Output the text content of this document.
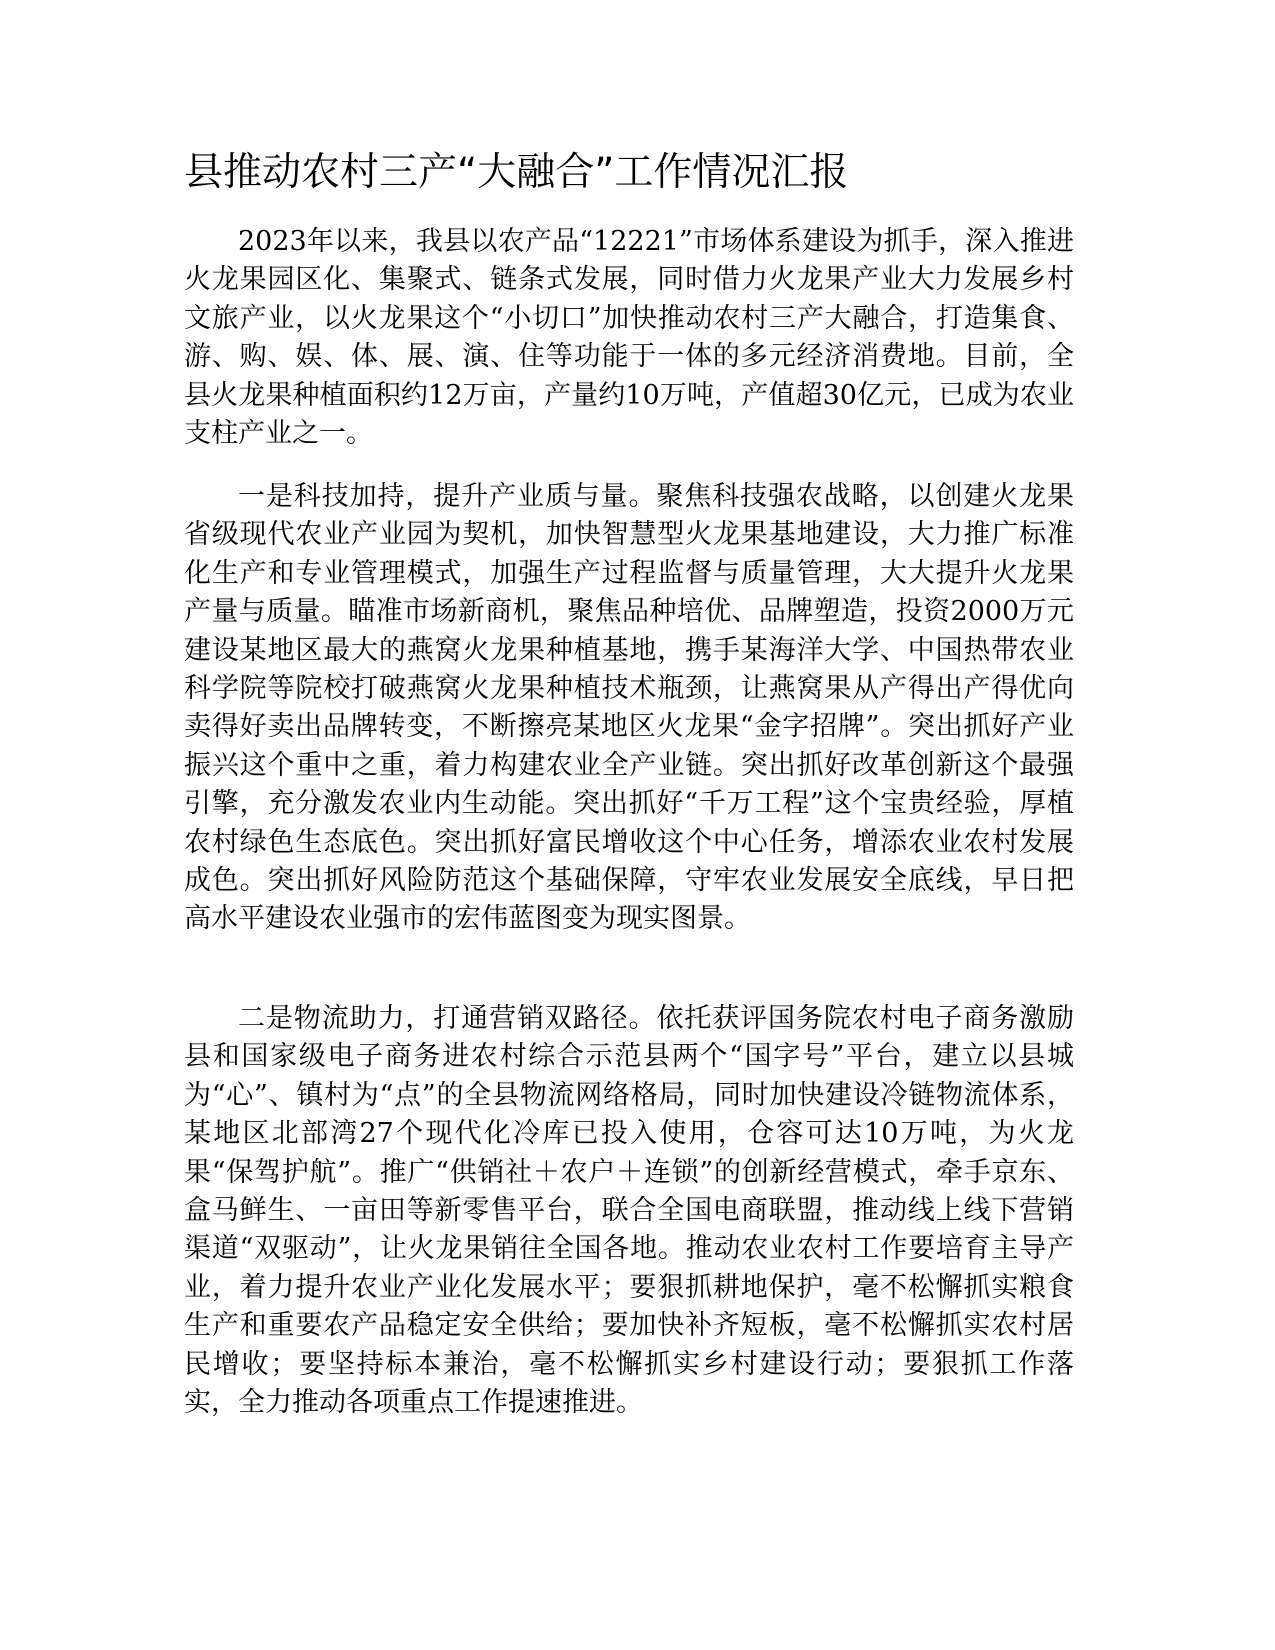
县推动农村三产“大融合”工作情况汇报

2023年以来，我县以农产品“12221”市场体系建设为抓手，深入推进火龙果园区化、集聚式、链条式发展，同时借力火龙果产业大力发展乡村文旅产业，以火龙果这个“小切口”加快推动农村三产大融合，打造集食、游、购、娱、体、展、演、住等功能于一体的多元经济消费地。目前，全县火龙果种植面积约12万亩，产量约10万吨，产值超30亿元，已成为农业支柱产业之一。

一是科技加持，提升产业质与量。聚焦科技强农战略，以创建火龙果省级现代农业产业园为契机，加快智慧型火龙果基地建设，大力推广标准化生产和专业管理模式，加强生产过程监督与质量管理，大大提升火龙果产量与质量。瞄准市场新商机，聚焦品种培优、品牌塑造，投资2000万元建设某地区最大的燕窝火龙果种植基地，携手某海洋大学、中国热带农业科学院等院校打破燕窝火龙果种植技术瓶颈，让燕窝果从产得出产得优向卖得好卖出品牌转变，不断擦亮某地区火龙果“金字招牌”。突出抓好产业振兴这个重中之重，着力构建农业全产业链。突出抓好改革创新这个最强引擎，充分激发农业内生动能。突出抓好“千万工程”这个宝贵经验，厚植农村绿色生态底色。突出抓好富民增收这个中心任务，增添农业农村发展成色。突出抓好风险防范这个基础保障，守牢农业发展安全底线，早日把高水平建设农业强市的宏伟蓝图变为现实图景。

二是物流助力，打通营销双路径。依托获评国务院农村电子商务激励县和国家级电子商务进农村综合示范县两个“国字号”平台，建立以县城为“心”、镇村为“点”的全县物流网络格局，同时加快建设冷链物流体系，某地区北部湾27个现代化冷库已投入使用，仓容可达10万吨，为火龙果“保驾护航”。推广“供销社＋农户＋连锁”的创新经营模式，牵手京东、盒马鲜生、一亩田等新零售平台，联合全国电商联盟，推动线上线下营销渠道“双驱动”，让火龙果销往全国各地。推动农业农村工作要培育主导产业，着力提升农业产业化发展水平；要狠抓耕地保护，毫不松懈抓实粮食生产和重要农产品稳定安全供给；要加快补齐短板，毫不松懈抓实农村居民增收；要坚持标本兼治，毫不松懈抓实乡村建设行动；要狠抓工作落实，全力推动各项重点工作提速推进。
